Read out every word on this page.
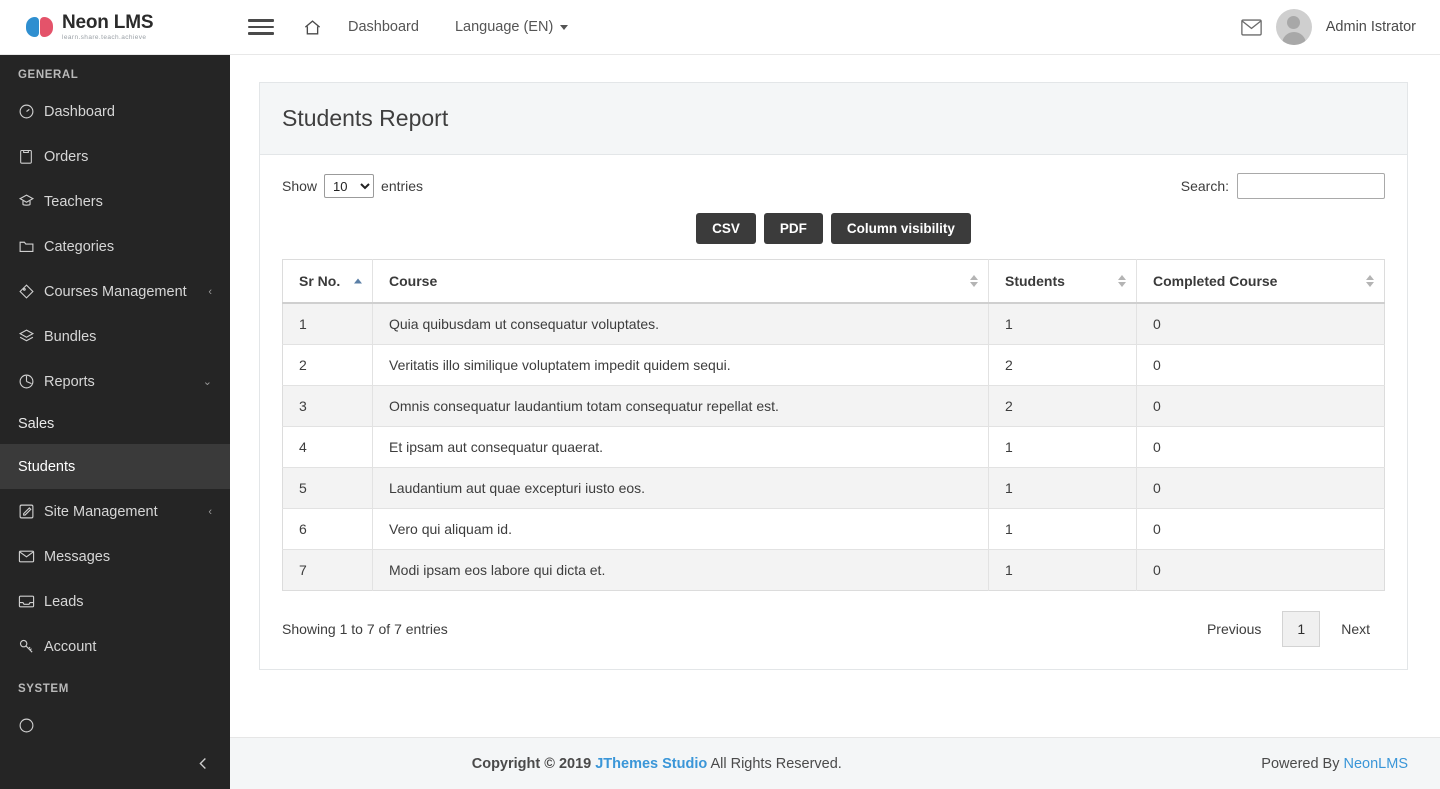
Neon LMS
learn.share.teach.achieve
Dashboard Language (EN)	Admin Istrator
GENERAL
Dashboard
Orders
Teachers
Categories
Courses Management	‹
Bundles
Reports	⌄
Sales
Students
Site Management	‹
Messages
Leads
Account
SYSTEM
Students Report
Show
10	entries	Search:
CSV	PDF	Column visibility
Sr No.	Course	Students	Completed Course

1	Quia quibusdam ut consequatur voluptates.	1	0
2	Veritatis illo similique voluptatem impedit quidem sequi.	2	0
3	Omnis consequatur laudantium totam consequatur repellat est.	2	0
4	Et ipsam aut consequatur quaerat.	1	0
5	Laudantium aut quae excepturi iusto eos.	1	0
6	Vero qui aliquam id.	1	0
7	Modi ipsam eos labore qui dicta et.	1	0
Showing 1 to 7 of 7 entries	Previous	1	Next
Copyright © 2019 JThemes Studio All Rights Reserved.	Powered By NeonLMS
